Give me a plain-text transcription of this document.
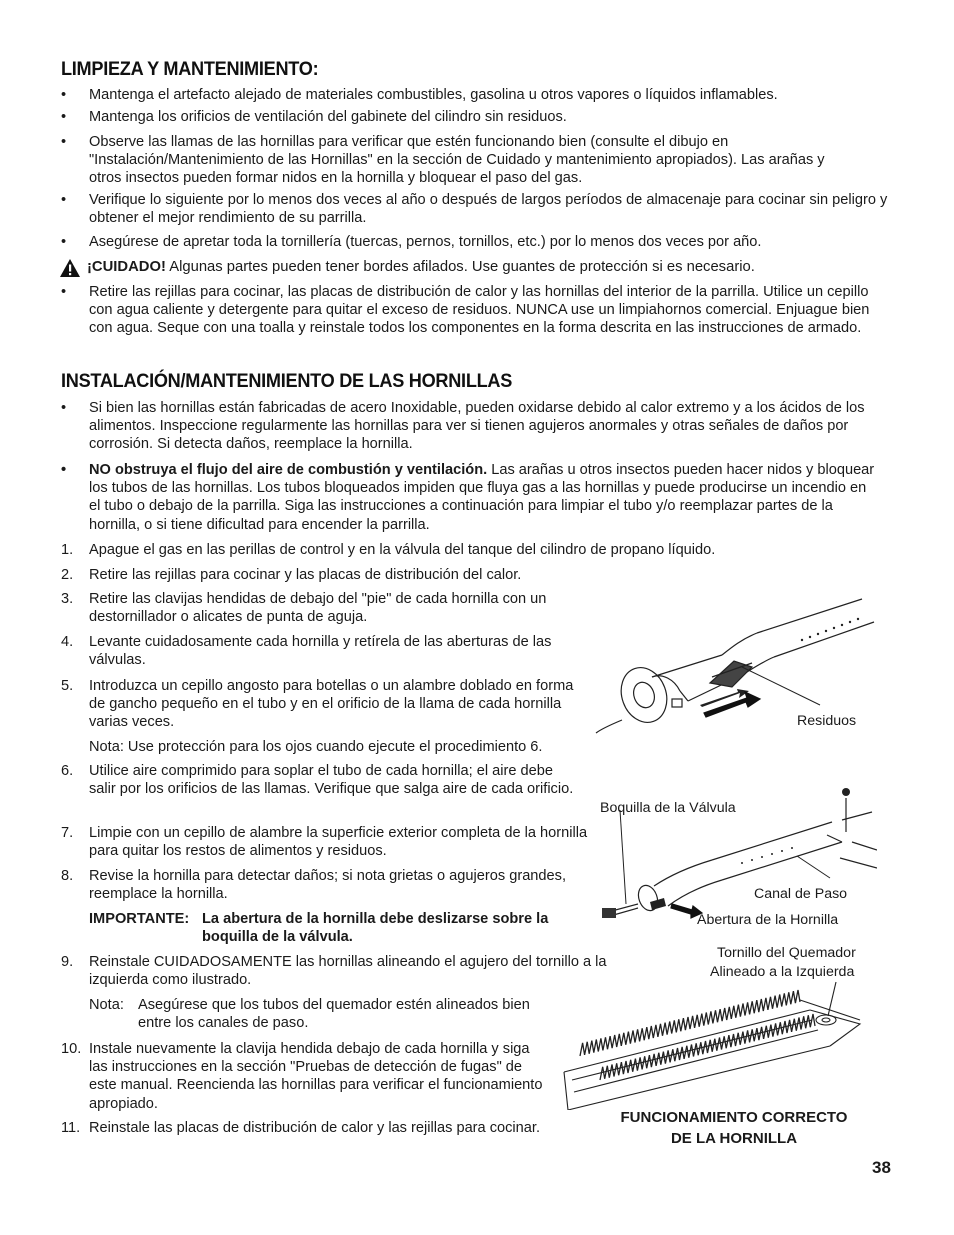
LIMPIEZA Y MANTENIMIENTO:
• Mantenga el artefacto alejado de materiales combustibles, gasolina u otros vapores o líquidos inflamables.

• Mantenga los orificios de ventilación del gabinete del cilindro sin residuos.

• Observe las llamas de las hornillas para verificar que estén funcionando bien (consulte el dibujo en "Instalación/Mantenimiento de las Hornillas" en la sección de Cuidado y mantenimiento apropiados). Las arañas y otros insectos pueden formar nidos en la hornilla y bloquear el paso del gas.

• Verifique lo siguiente por lo menos dos veces al año o después de largos períodos de almacenaje para cocinar sin peligro y obtener el mejor rendimiento de su parrilla.

• Asegúrese de apretar toda la tornillería (tuercas, pernos, tornillos, etc.) por lo menos dos veces por año.

¡CUIDADO! Algunas partes pueden tener bordes afilados. Use guantes de protección si es necesario.

• Retire las rejillas para cocinar, las placas de distribución de calor y las hornillas del interior de la parrilla. Utilice un cepillo con agua caliente y detergente para quitar el exceso de residuos. NUNCA use un limpiahornos comercial. Enjuague bien con agua. Seque con una toalla y reinstale todos los componentes en la forma descrita en las instrucciones de armado.

INSTALACIÓN/MANTENIMIENTO DE LAS HORNILLAS
• Si bien las hornillas están fabricadas de acero Inoxidable, pueden oxidarse debido al calor extremo y a los ácidos de los alimentos. Inspeccione regularmente las hornillas para ver si tienen agujeros anormales y otras señales de daños por corrosión. Si detecta daños, reemplace la hornilla.

• NO obstruya el flujo del aire de combustión y ventilación. Las arañas u otros insectos pueden hacer nidos y bloquear los tubos de las hornillas. Los tubos bloqueados impiden que fluya gas a las hornillas y puede producirse un incendio en el tubo o debajo de la parrilla. Siga las instrucciones a continuación para limpiar el tubo y/o reemplazar partes de la hornilla, o si tiene dificultad para encender la parrilla.

1. Apague el gas en las perillas de control y en la válvula del tanque del cilindro de propano líquido.

2. Retire las rejillas para cocinar y las placas de distribución del calor.

3. Retire las clavijas hendidas de debajo del "pie" de cada hornilla con un destornillador o alicates de punta de aguja.

4. Levante cuidadosamente cada hornilla y retírela de las aberturas de las válvulas.

5. Introduzca un cepillo angosto para botellas o un alambre doblado en forma de gancho pequeño en el tubo y en el orificio de la llama de cada hornilla varias veces.

Nota: Use protección para los ojos cuando ejecute el procedimiento 6.

6. Utilice aire comprimido para soplar el tubo de cada hornilla; el aire debe salir por los orificios de las llamas. Verifique que salga aire de cada orificio.

7. Limpie con un cepillo de alambre la superficie exterior completa de la hornilla para quitar los restos de alimentos y residuos.

8. Revise la hornilla para detectar daños; si nota grietas o agujeros grandes, reemplace la hornilla.

IMPORTANTE: La abertura de la hornilla debe deslizarse sobre la boquilla de la válvula.

9. Reinstale CUIDADOSAMENTE las hornillas alineando el agujero del tornillo a la izquierda como ilustrado.

Nota: Asegúrese que los tubos del quemador estén alineados bien entre los canales de paso.

10. Instale nuevamente la clavija hendida debajo de cada hornilla y siga las instrucciones en la sección "Pruebas de detección de fugas" de este manual. Reencienda las hornillas para verificar el funcionamiento apropiado.

11. Reinstale las placas de distribución de calor y las rejillas para cocinar.

Residuos
Boquilla de la Válvula
Canal de Paso
Abertura de la Hornilla
Tornillo del Quemador
Alineado a la Izquierda
FUNCIONAMIENTO CORRECTO
DE LA HORNILLA
38
